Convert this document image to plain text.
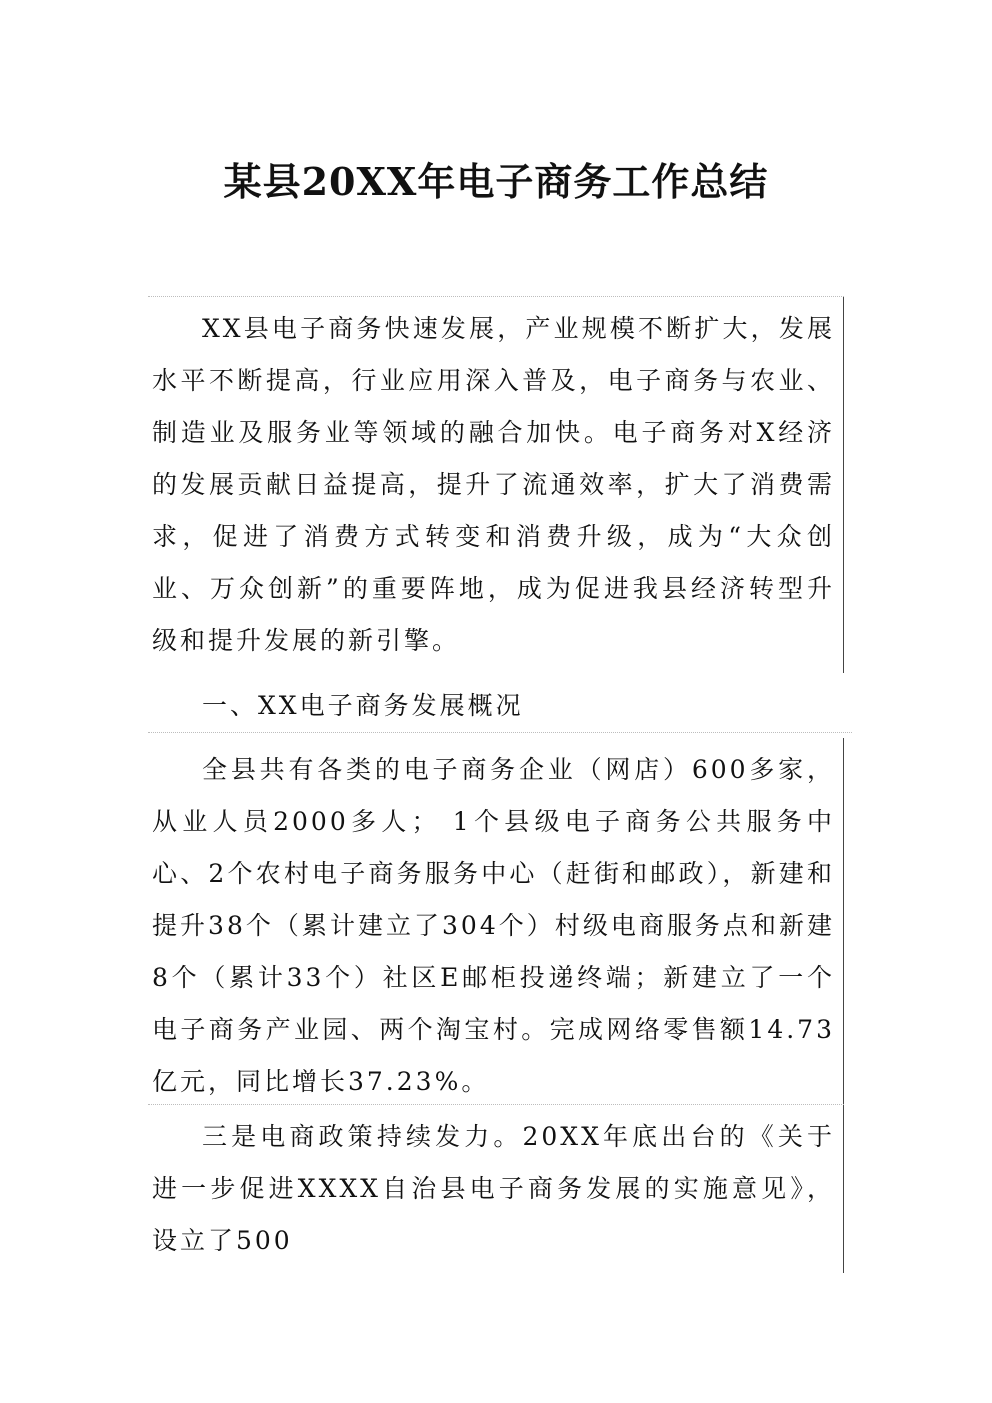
某县20XX年电子商务工作总结

XX县电子商务快速发展，产业规模不断扩大，发展水平不断提高，行业应用深入普及，电子商务与农业、制造业及服务业等领域的融合加快。电子商务对X经济的发展贡献日益提高，提升了流通效率，扩大了消费需求，促进了消费方式转变和消费升级，成为“大众创业、万众创新”的重要阵地，成为促进我县经济转型升级和提升发展的新引擎。

一、XX电子商务发展概况

全县共有各类的电子商务企业（网店）600多家，从业人员2000多人； 1个县级电子商务公共服务中心、2个农村电子商务服务中心（赶街和邮政），新建和提升38个（累计建立了304个）村级电商服务点和新建8个（累计33个）社区E邮柜投递终端；新建立了一个电子商务产业园、两个淘宝村。完成网络零售额14.73亿元，同比增长37.23%。

三是电商政策持续发力。20XX年底出台的《关于进一步促进XXXX自治县电子商务发展的实施意见》，设立了500
